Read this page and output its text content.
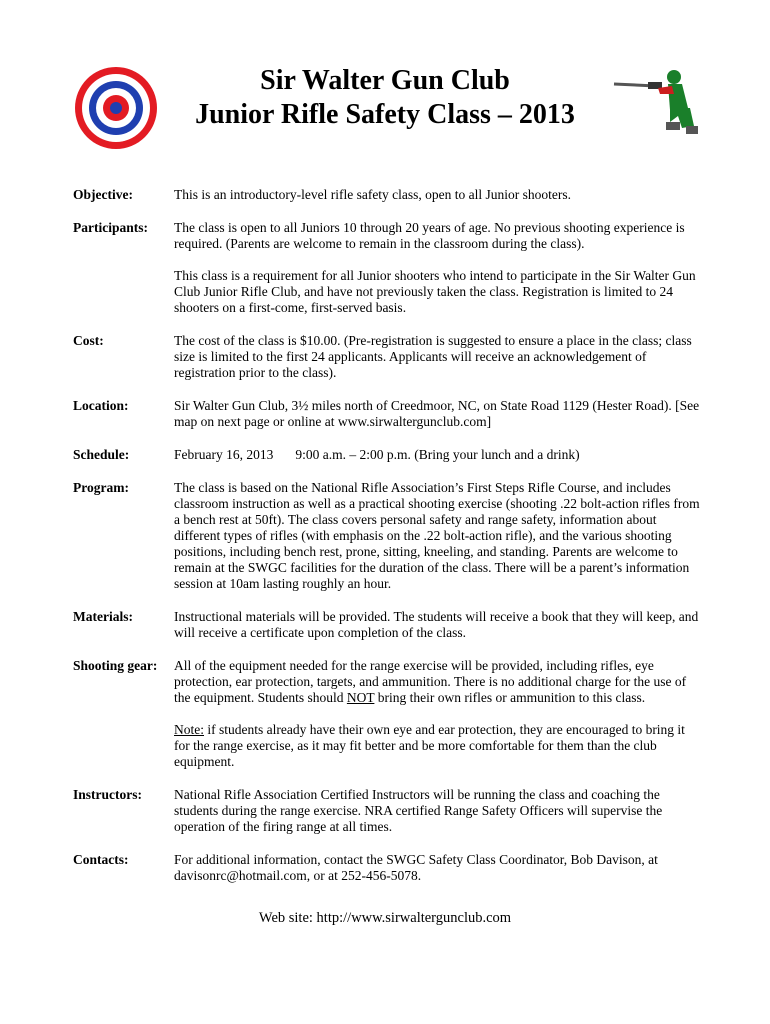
Sir Walter Gun Club
Junior Rifle Safety Class – 2013
Objective:	This is an introductory-level rifle safety class, open to all Junior shooters.

Participants:	The class is open to all Juniors 10 through 20 years of age. No previous shooting experience is required. (Parents are welcome to remain in the classroom during the class).

This class is a requirement for all Junior shooters who intend to participate in the Sir Walter Gun Club Junior Rifle Club, and have not previously taken the class. Registration is limited to 24 shooters on a first-come, first-served basis.

Cost:	The cost of the class is $10.00. (Pre-registration is suggested to ensure a place in the class; class size is limited to the first 24 applicants. Applicants will receive an acknowledgement of registration prior to the class).

Location:	Sir Walter Gun Club, 3½ miles north of Creedmoor, NC, on State Road 1129 (Hester Road). [See map on next page or online at www.sirwaltergunclub.com]

Schedule:	February 16, 2013 9:00 a.m. – 2:00 p.m. (Bring your lunch and a drink)

Program:	The class is based on the National Rifle Association’s First Steps Rifle Course, and includes classroom instruction as well as a practical shooting exercise (shooting .22 bolt-action rifles from a bench rest at 50ft). The class covers personal safety and range safety, information about different types of rifles (with emphasis on the .22 bolt-action rifle), and the various shooting positions, including bench rest, prone, sitting, kneeling, and standing. Parents are welcome to remain at the SWGC facilities for the duration of the class. There will be a parent’s information session at 10am lasting roughly an hour.

Materials:	Instructional materials will be provided. The students will receive a book that they will keep, and will receive a certificate upon completion of the class.

Shooting gear:	All of the equipment needed for the range exercise will be provided, including rifles, eye protection, ear protection, targets, and ammunition. There is no additional charge for the use of the equipment. Students should NOT bring their own rifles or ammunition to this class.

Note: if students already have their own eye and ear protection, they are encouraged to bring it for the range exercise, as it may fit better and be more comfortable for them than the club equipment.

Instructors:	National Rifle Association Certified Instructors will be running the class and coaching the students during the range exercise. NRA certified Range Safety Officers will supervise the operation of the firing range at all times.

Contacts:	For additional information, contact the SWGC Safety Class Coordinator, Bob Davison, at davisonrc@hotmail.com, or at 252-456-5078.

Web site: http://www.sirwaltergunclub.com
